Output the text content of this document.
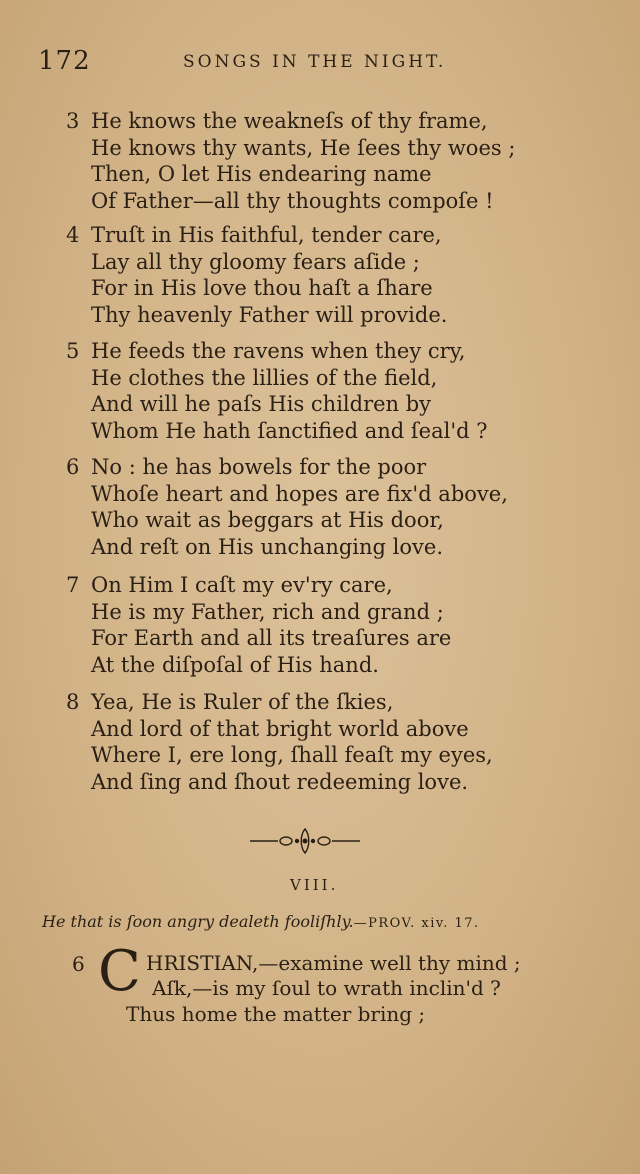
172	SONGS IN THE NIGHT.
3 He knows the weakneſs of thy frame,
He knows thy wants, He ſees thy woes ;
Then, O let His endearing name
Of Father—all thy thoughts compoſe !
4 Truſt in His faithful, tender care,
Lay all thy gloomy fears aſide ;
For in His love thou haſt a ſhare
Thy heavenly Father will provide.
5 He feeds the ravens when they cry,
He clothes the lillies of the field,
And will he paſs His children by
Whom He hath ſanctified and ſeal'd ?
6 No : he has bowels for the poor
Whoſe heart and hopes are fix'd above,
Who wait as beggars at His door,
And reſt on His unchanging love.
7 On Him I caſt my ev'ry care,
He is my Father, rich and grand ;
For Earth and all its treaſures are
At the diſpoſal of His hand.
8 Yea, He is Ruler of the ſkies,
And lord of that bright world above
Where I, ere long, ſhall feaſt my eyes,
And ſing and ſhout redeeming love.
VIII.
He that is ſoon angry dealeth fooliſhly.—PROV. xiv. 17.
6 C HRISTIAN,—examine well thy mind ;
Aſk,—is my ſoul to wrath inclin'd ?
Thus home the matter bring ;
